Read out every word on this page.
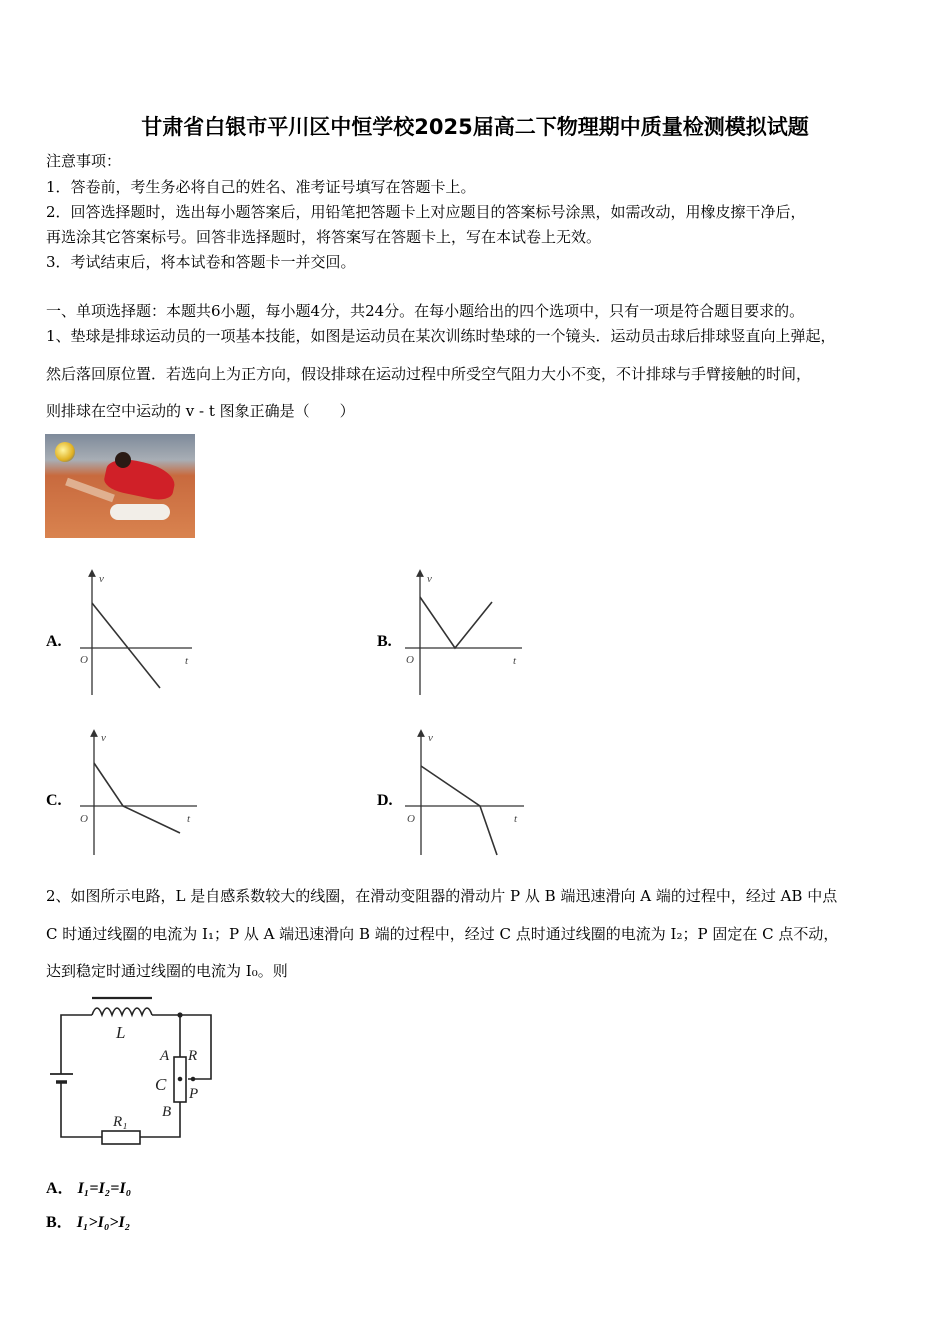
甘肃省白银市平川区中恒学校2025届高二下物理期中质量检测模拟试题
注意事项：
1．答卷前，考生务必将自己的姓名、准考证号填写在答题卡上。
2．回答选择题时，选出每小题答案后，用铅笔把答题卡上对应题目的答案标号涂黑，如需改动，用橡皮擦干净后，
再选涂其它答案标号。回答非选择题时，将答案写在答题卡上，写在本试卷上无效。
3．考试结束后，将本试卷和答题卡一并交回。
一、单项选择题：本题共6小题，每小题4分，共24分。在每小题给出的四个选项中，只有一项是符合题目要求的。
1、垫球是排球运动员的一项基本技能，如图是运动员在某次训练时垫球的一个镜头．运动员击球后排球竖直向上弹起，
然后落回原位置．若选向上为正方向，假设排球在运动过程中所受空气阻力大小不变，不计排球与手臂接触的时间，
则排球在空中运动的 v - t 图象正确是（　　）
A.	B.
C.	D.
v
O	t
v
O	t
v
O	t
v
O	t
L
A R
C P
B
R₁
2、如图所示电路，L 是自感系数较大的线圈，在滑动变阻器的滑动片 P 从 B 端迅速滑向 A 端的过程中，经过 AB 中点
C 时通过线圈的电流为 I₁；P 从 A 端迅速滑向 B 端的过程中，经过 C 点时通过线圈的电流为 I₂；P 固定在 C 点不动，
达到稳定时通过线圈的电流为 I₀。则
A． I₁=I₂=I₀
B． I₁>I₀>I₂
